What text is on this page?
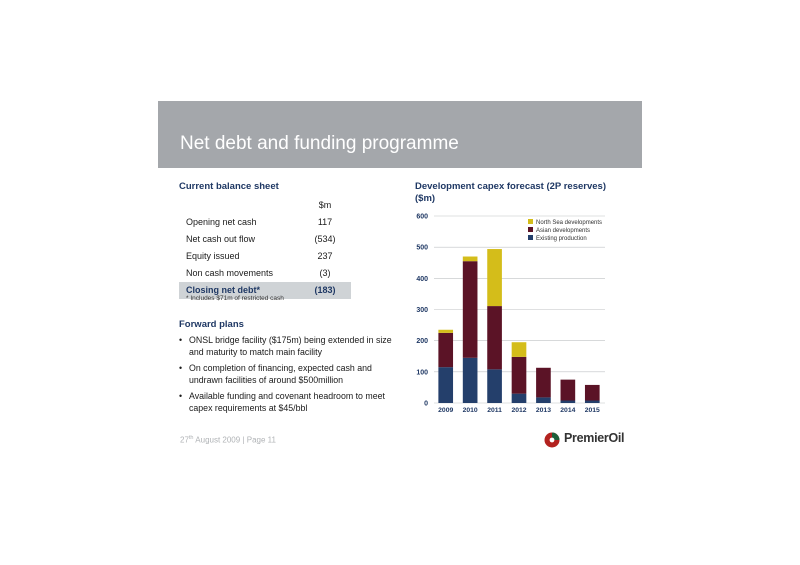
Net debt and funding programme
Current balance sheet
$m
Opening net cash	117
Net cash out flow	(534)
Equity issued	237
Non cash movements	(3)
Closing net debt*	(183)
* Includes $71m of restricted cash
Forward plans
• ONSL bridge facility ($175m) being extended in size and maturity to match main facility
• On completion of financing, expected cash and undrawn facilities of around $500million
• Available funding and covenant headroom to meet capex requirements at $45/bbl
Development capex forecast (2P reserves)
($m)
0
100
200
300
400
500
600
2009 2010 2011 2012 2013 2014 2015
North Sea developments
Asian developments
Existing production
27th August 2009 | Page 11	PremierOil
